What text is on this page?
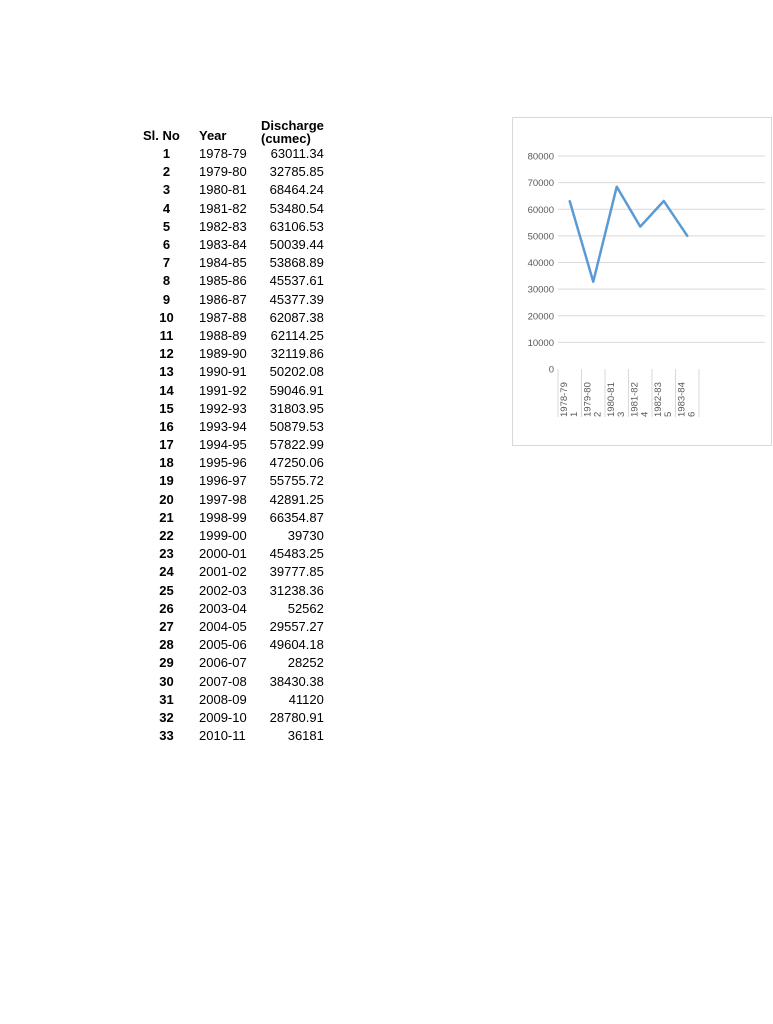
Sl. No	Year	Discharge
(cumec)
1	1978-79	63011.34
2	1979-80	32785.85
3	1980-81	68464.24
4	1981-82	53480.54
5	1982-83	63106.53
6	1983-84	50039.44
7	1984-85	53868.89
8	1985-86	45537.61
9	1986-87	45377.39
10	1987-88	62087.38
11	1988-89	62114.25
12	1989-90	32119.86
13	1990-91	50202.08
14	1991-92	59046.91
15	1992-93	31803.95
16	1993-94	50879.53
17	1994-95	57822.99
18	1995-96	47250.06
19	1996-97	55755.72
20	1997-98	42891.25
21	1998-99	66354.87
22	1999-00	39730
23	2000-01	45483.25
24	2001-02	39777.85
25	2002-03	31238.36
26	2003-04	52562
27	2004-05	29557.27
28	2005-06	49604.18
29	2006-07	28252
30	2007-08	38430.38
31	2008-09	41120
32	2009-10	28780.91
33	2010-11	36181
0
10000
20000
30000
40000
50000
60000
70000
80000
1978-79 1 1979-80 2 1980-81 3 1981-82 4 1982-83 5 1983-84 6
